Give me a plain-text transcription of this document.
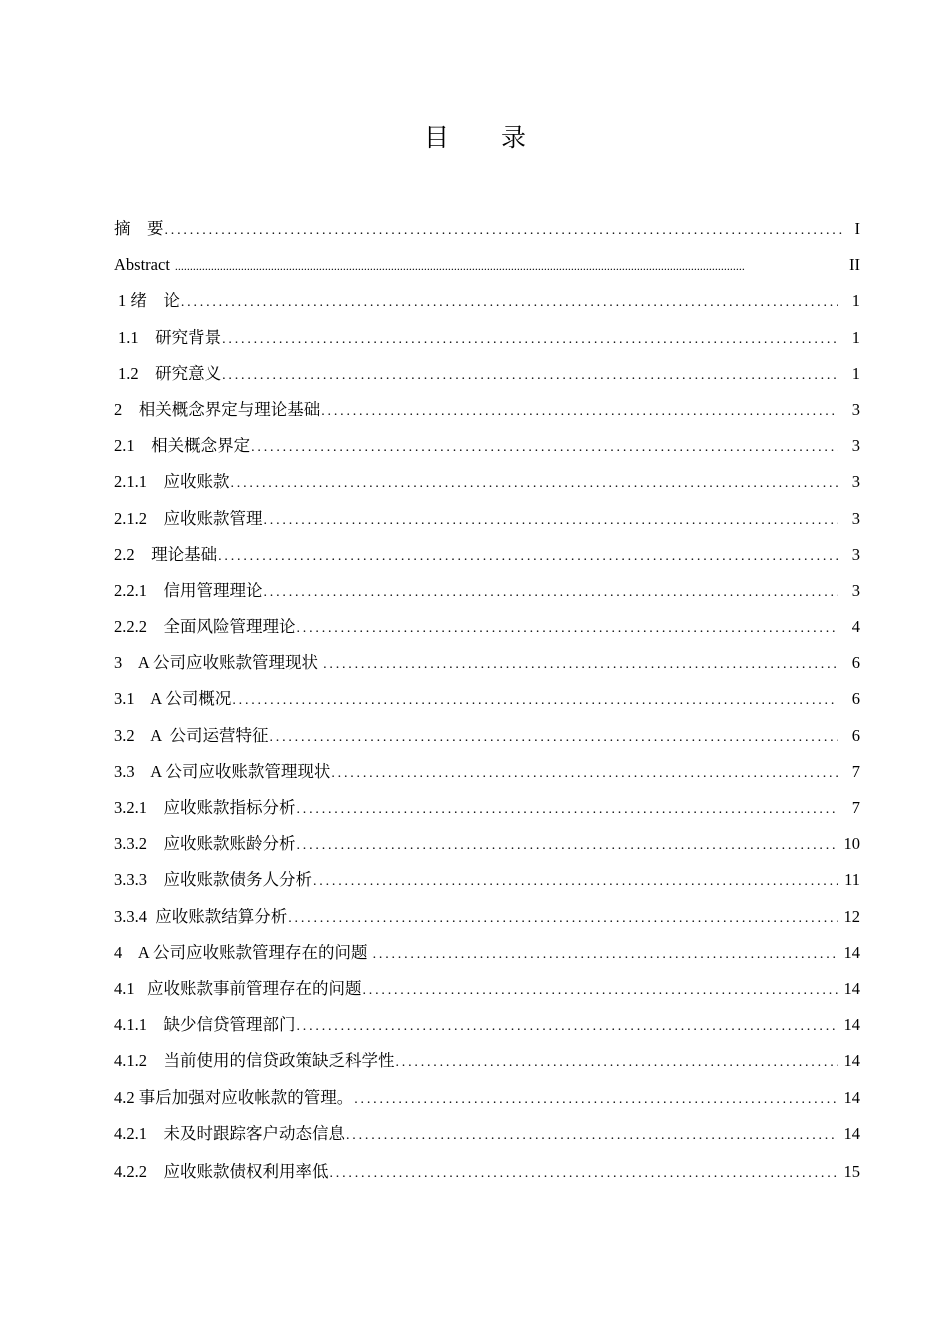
目 录
摘    要 .....	I
Abstract .....	II
1 绪    论 .....	1
1.1    研究背景 .....	1
1.2    研究意义 .....	1
2    相关概念界定与理论基础 .....	3
2.1    相关概念界定 .....	3
2.1.1    应收账款 .....	3
2.1.2    应收账款管理 .....	3
2.2    理论基础 .....	3
2.2.1    信用管理理论 .....	3
2.2.2    全面风险管理理论 .....	4
3    A 公司应收账款管理现状 .....	6
3.1    A 公司概况 .....	6
3.2    A  公司运营特征 .....	6
3.3    A 公司应收账款管理现状 .....	7
3.2.1    应收账款指标分析 .....	7
3.3.2    应收账款账龄分析 .....	10
3.3.3    应收账款债务人分析 .....	11
3.3.4  应收账款结算分析 .....	12
4    A 公司应收账款管理存在的问题 .....	14
4.1   应收账款事前管理存在的问题 .....	14
4.1.1    缺少信贷管理部门 .....	14
4.1.2    当前使用的信贷政策缺乏科学性 .....	14
4.2 事后加强对应收帐款的管理。 .....	14
4.2.1    未及时跟踪客户动态信息 .....	14
4.2.2    应收账款债权利用率低 .....	15
